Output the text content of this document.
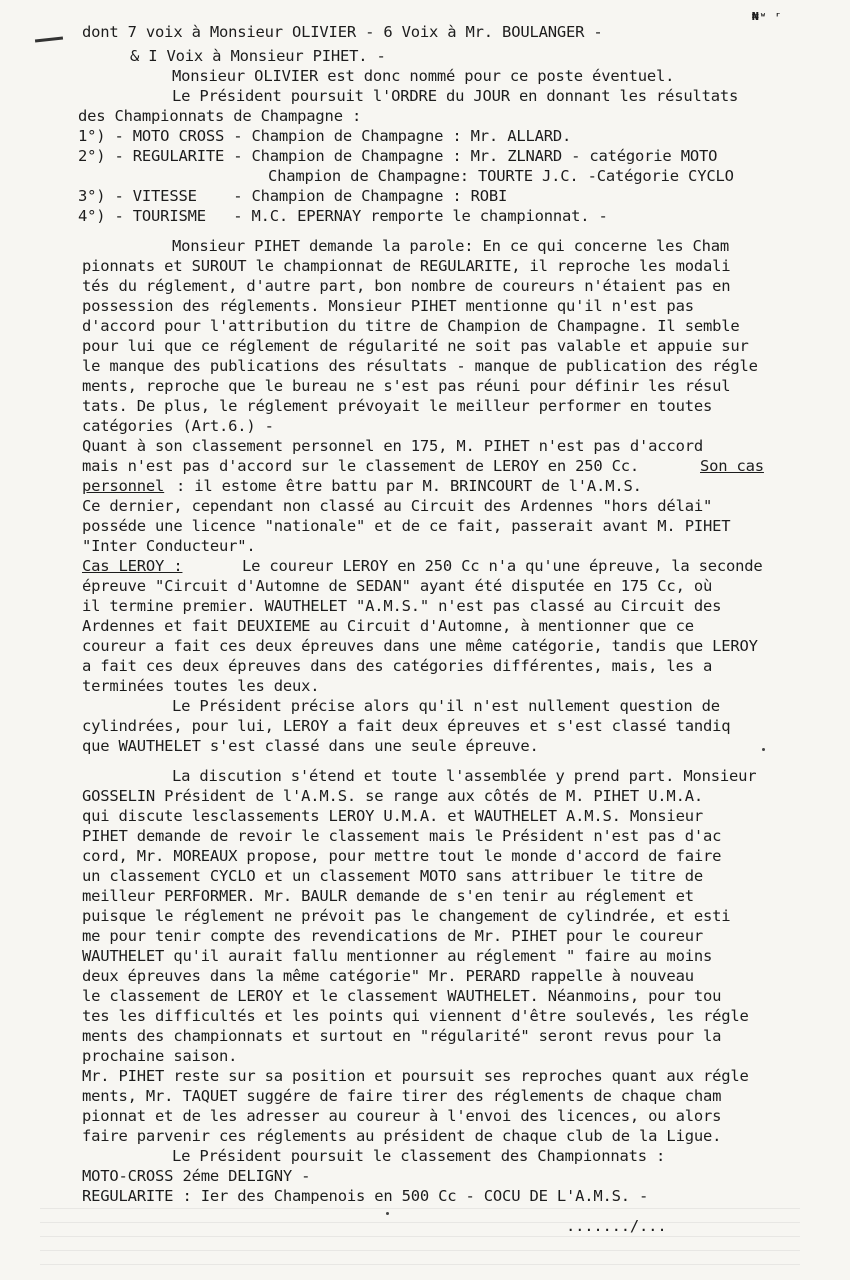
₦ʷ ʳ
dont 7 voix à Monsieur OLIVIER - 6 Voix à Mr. BOULANGER -
& I Voix à Monsieur PIHET. -
Monsieur OLIVIER est donc nommé pour ce poste éventuel.
Le Président poursuit l'ORDRE du JOUR en donnant les résultats
des Championnats de Champagne :
1°) - MOTO CROSS - Champion de Champagne : Mr. ALLARD.
2°) - REGULARITE - Champion de Champagne : Mr. ZLNARD - catégorie MOTO
Champion de Champagne: TOURTE J.C. -Catégorie CYCLO
3°) - VITESSE    - Champion de Champagne : ROBI
4°) - TOURISME   - M.C. EPERNAY remporte le championnat. -
Monsieur PIHET demande la parole: En ce qui concerne les Cham
pionnats et SUROUT le championnat de REGULARITE, il reproche les modali
tés du réglement, d'autre part, bon nombre de coureurs n'étaient pas en
possession des réglements. Monsieur PIHET mentionne qu'il n'est pas
d'accord pour l'attribution du titre de Champion de Champagne. Il semble
pour lui que ce réglement de régularité ne soit pas valable et appuie sur
le manque des publications des résultats - manque de publication des régle
ments, reproche que le bureau ne s'est pas réuni pour définir les résul
tats. De plus, le réglement prévoyait le meilleur performer en toutes
catégories (Art.6.) -
Quant à son classement personnel en 175, M. PIHET n'est pas d'accord
mais n'est pas d'accord sur le classement de LEROY en 250 Cc.	Son cas
personnel : il estome être battu par M. BRINCOURT de l'A.M.S.
Ce dernier, cependant non classé au Circuit des Ardennes "hors délai"
posséde une licence "nationale" et de ce fait, passerait avant M. PIHET
"Inter Conducteur".
Cas LEROY :	Le coureur LEROY en 250 Cc n'a qu'une épreuve, la seconde
épreuve "Circuit d'Automne de SEDAN" ayant été disputée en 175 Cc, où
il termine premier. WAUTHELET "A.M.S." n'est pas classé au Circuit des
Ardennes et fait DEUXIEME au Circuit d'Automne, à mentionner que ce
coureur a fait ces deux épreuves dans une même catégorie, tandis que LEROY
a fait ces deux épreuves dans des catégories différentes, mais, les a
terminées toutes les deux.
Le Président précise alors qu'il n'est nullement question de
cylindrées, pour lui, LEROY a fait deux épreuves et s'est classé tandiq
que WAUTHELET s'est classé dans une seule épreuve.
La discution s'étend et toute l'assemblée y prend part. Monsieur
GOSSELIN Président de l'A.M.S. se range aux côtés de M. PIHET U.M.A.
qui discute lesclassements LEROY U.M.A. et WAUTHELET A.M.S. Monsieur
PIHET demande de revoir le classement mais le Président n'est pas d'ac
cord, Mr. MOREAUX propose, pour mettre tout le monde d'accord de faire
un classement CYCLO et un classement MOTO sans attribuer le titre de
meilleur PERFORMER. Mr. BAULR demande de s'en tenir au réglement et
puisque le réglement ne prévoit pas le changement de cylindrée, et esti
me pour tenir compte des revendications de Mr. PIHET pour le coureur
WAUTHELET qu'il aurait fallu mentionner au réglement " faire au moins
deux épreuves dans la même catégorie" Mr. PERARD rappelle à nouveau
le classement de LEROY et le classement WAUTHELET. Néanmoins, pour tou
tes les difficultés et les points qui viennent d'être soulevés, les régle
ments des championnats et surtout en "régularité" seront revus pour la
prochaine saison.
Mr. PIHET reste sur sa position et poursuit ses reproches quant aux régle
ments, Mr. TAQUET suggére de faire tirer des réglements de chaque cham
pionnat et de les adresser au coureur à l'envoi des licences, ou alors
faire parvenir ces réglements au président de chaque club de la Ligue.
Le Président poursuit le classement des Championnats :
MOTO-CROSS 2éme DELIGNY -
REGULARITE : Ier des Champenois en 500 Cc - COCU DE L'A.M.S. -
......./...
